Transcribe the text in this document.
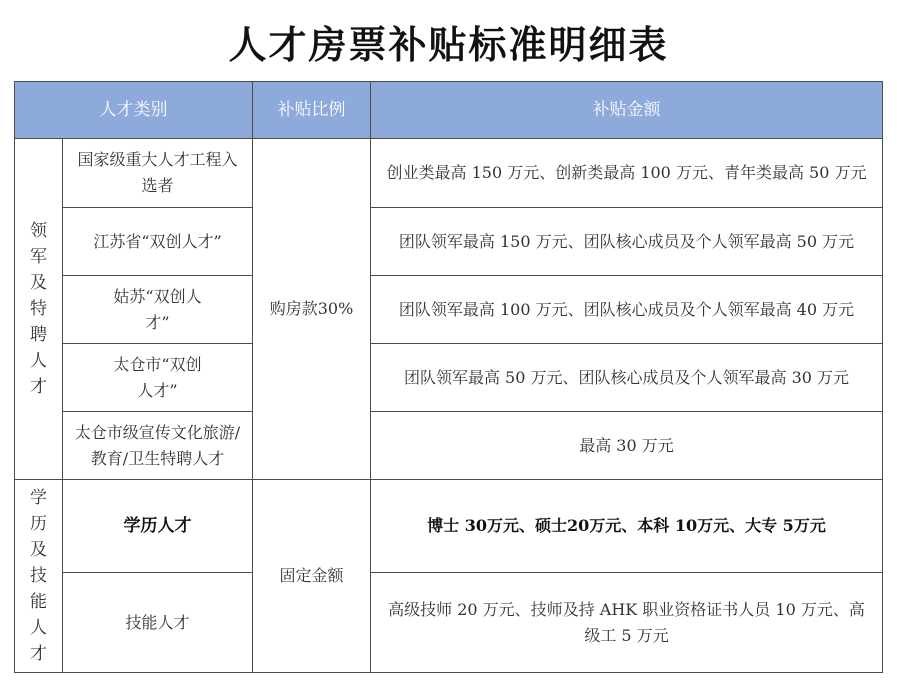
人才房票补贴标准明细表
人才类别		补贴比例	补贴金额

领军及特聘人才	国家级重大人才工程入选者	购房款30%	创业类最高 150 万元、创新类最高 100 万元、青年类最高 50 万元

	江苏省“双创人才”		团队领军最高 150 万元、团队核心成员及个人领军最高 50 万元

	姑苏“双创人才”		团队领军最高 100 万元、团队核心成员及个人领军最高 40 万元

	太仓市“双创人才”		团队领军最高 50 万元、团队核心成员及个人领军最高 30 万元

	太仓市级宣传文化旅游/教育/卫生特聘人才		最高 30 万元

学历及技能人才	学历人才	固定金额	博士 30万元、硕士20万元、本科 10万元、大专 5万元
	技能人才		高级技师 20 万元、技师及持 AHK 职业资格证书人员 10 万元、高级工 5 万元
